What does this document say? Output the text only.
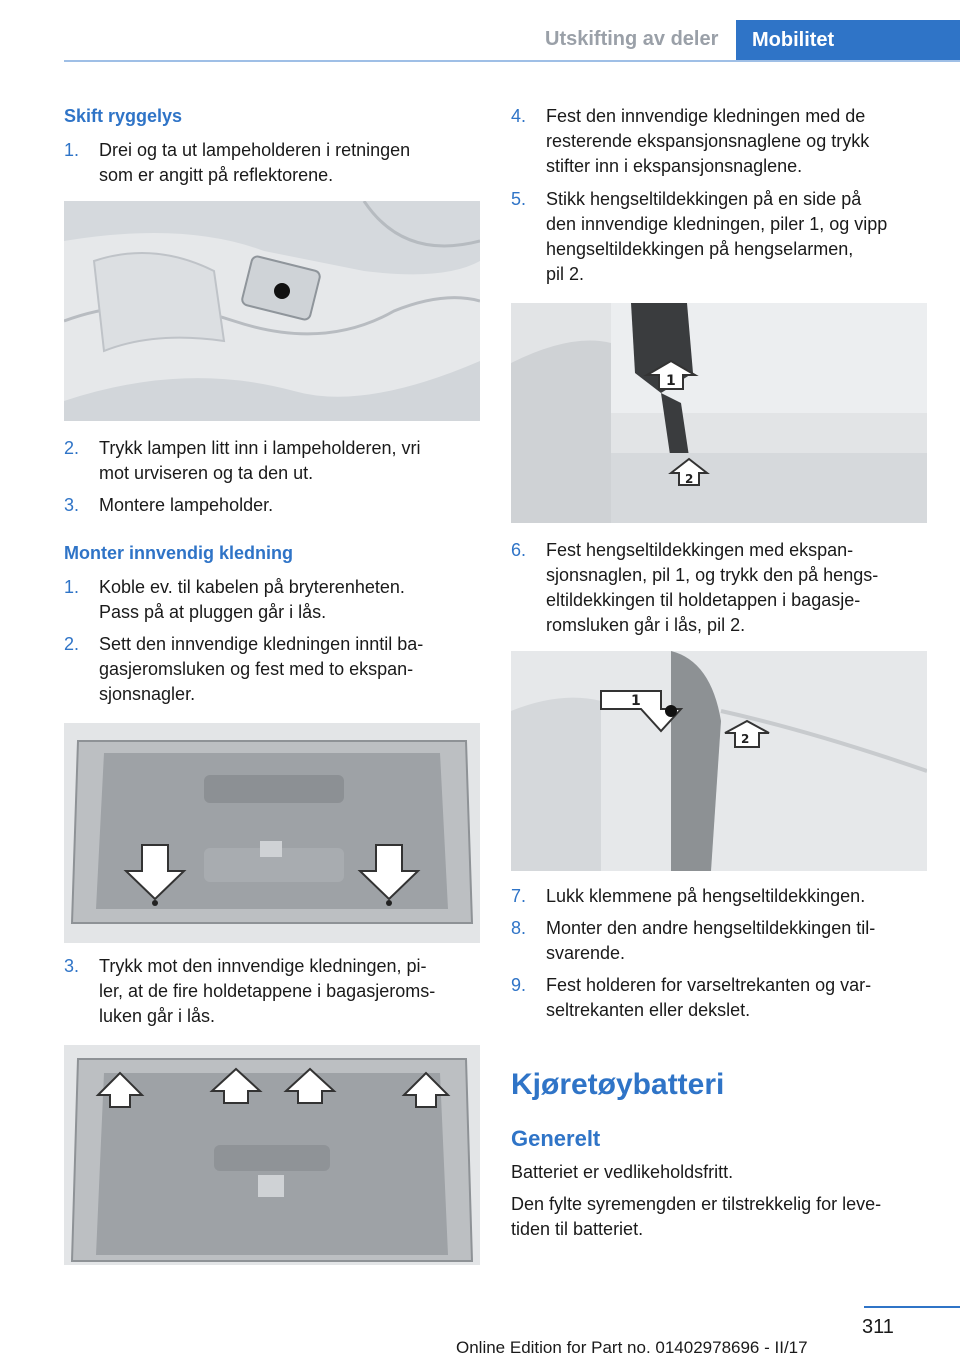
Utskifting av deler Mobilitet
Skift ryggelys
1. Drei og ta ut lampeholderen i retningen
som er angitt på reflektorene.
2. Trykk lampen litt inn i lampeholderen, vri
mot urviseren og ta den ut.
3. Montere lampeholder.
Monter innvendig kledning
1. Koble ev. til kabelen på bryterenheten.
Pass på at pluggen går i lås.
2. Sett den innvendige kledningen inntil ba-
gasjeromsluken og fest med to ekspan-
sjonsnagler.
3. Trykk mot den innvendige kledningen, pi-
ler, at de fire holdetappene i bagasjeroms-
luken går i lås.
4. Fest den innvendige kledningen med de
resterende ekspansjonsnaglene og trykk
stifter inn i ekspansjonsnaglene.
5. Stikk hengseltildekkingen på en side på
den innvendige kledningen, piler 1, og vipp
hengseltildekkingen på hengselarmen,
pil 2.
1
2
6. Fest hengseltildekkingen med ekspan-
sjonsnaglen, pil 1, og trykk den på hengs-
eltildekkingen til holdetappen i bagasje-
romsluken går i lås, pil 2.
1
2
7. Lukk klemmene på hengseltildekkingen.
8. Monter den andre hengseltildekkingen til-
svarende.
9. Fest holderen for varseltrekanten og var-
seltrekanten eller dekslet.
Kjøretøybatteri
Generelt
Batteriet er vedlikeholdsfritt.
Den fylte syremengden er tilstrekkelig for leve-
tiden til batteriet.
311
Online Edition for Part no. 01402978696 - II/17
